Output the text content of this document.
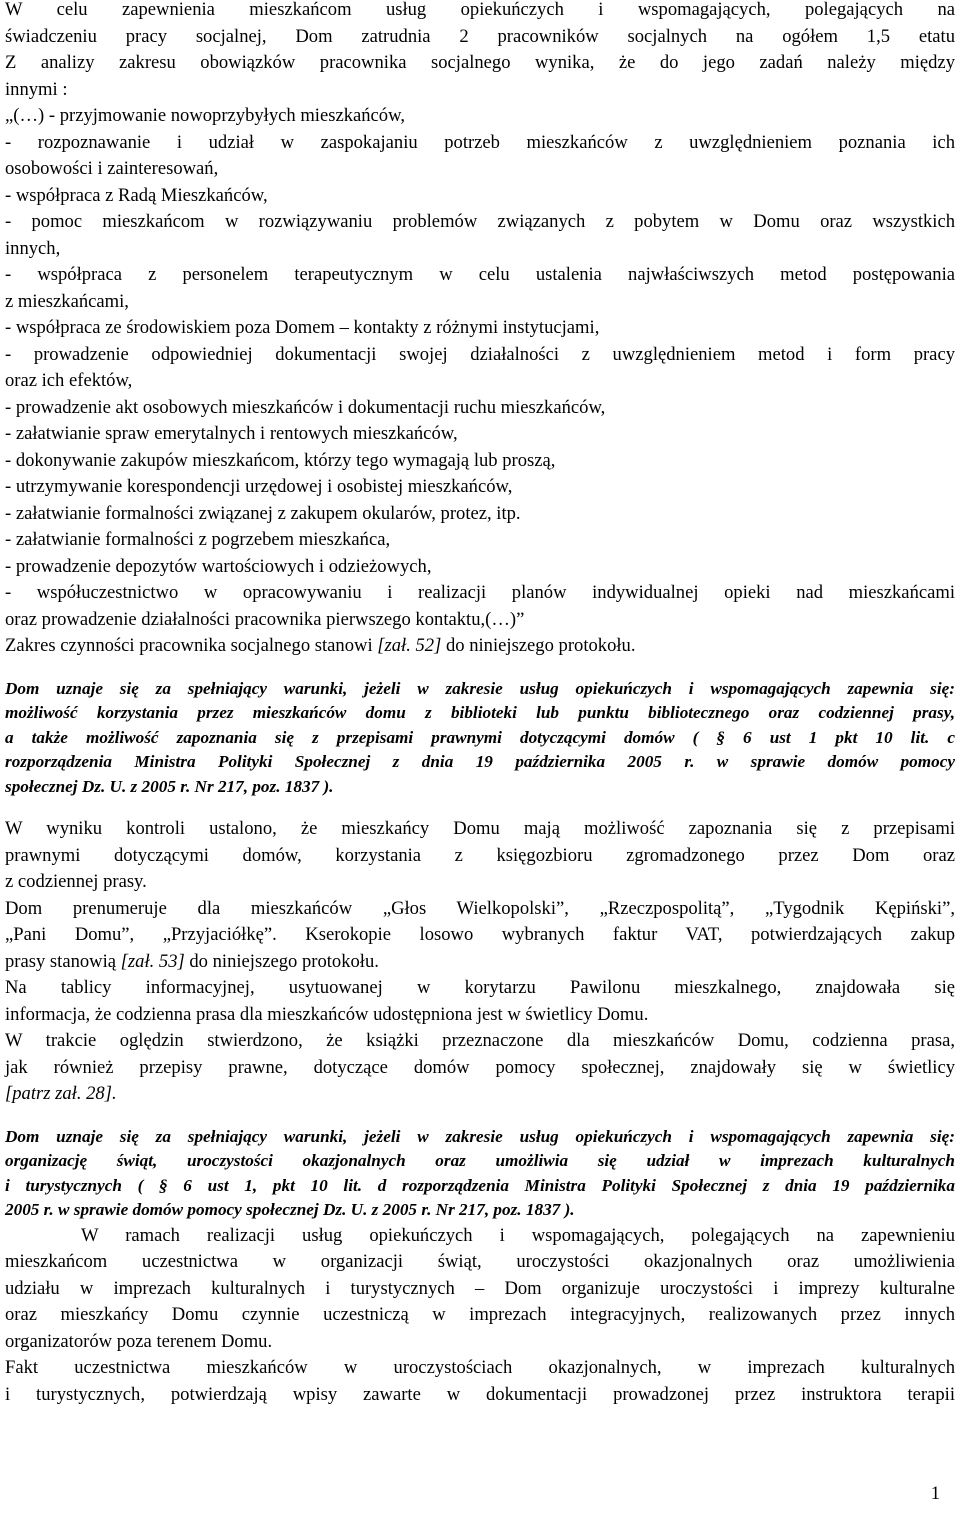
W celu zapewnienia mieszkańcom usług opiekuńczych i wspomagających, polegających na
świadczeniu pracy socjalnej, Dom zatrudnia 2 pracowników socjalnych na ogółem 1,5 etatu
Z analizy zakresu obowiązków pracownika socjalnego wynika, że do jego zadań należy między
innymi :
„(…) - przyjmowanie nowoprzybyłych mieszkańców,
- rozpoznawanie i udział w zaspokajaniu potrzeb mieszkańców z uwzględnieniem poznania ich
osobowości i zainteresowań,
- współpraca z Radą Mieszkańców,
- pomoc mieszkańcom w rozwiązywaniu problemów związanych z pobytem w Domu oraz wszystkich
innych,
- współpraca z personelem terapeutycznym w celu ustalenia najwłaściwszych metod postępowania
z mieszkańcami,
- współpraca ze środowiskiem poza Domem – kontakty z różnymi instytucjami,
- prowadzenie odpowiedniej dokumentacji swojej działalności z uwzględnieniem metod i form pracy
oraz ich efektów,
- prowadzenie akt osobowych mieszkańców i dokumentacji ruchu mieszkańców,
- załatwianie spraw emerytalnych i rentowych mieszkańców,
- dokonywanie zakupów mieszkańcom, którzy tego wymagają lub proszą,
- utrzymywanie korespondencji urzędowej i osobistej mieszkańców,
- załatwianie formalności związanej z zakupem okularów, protez, itp.
- załatwianie formalności z pogrzebem mieszkańca,
- prowadzenie depozytów wartościowych i odzieżowych,
- współuczestnictwo w opracowywaniu i realizacji planów indywidualnej opieki nad mieszkańcami
oraz prowadzenie działalności pracownika pierwszego kontaktu,(…)”
Zakres czynności pracownika socjalnego stanowi [zał. 52] do niniejszego protokołu.

Dom uznaje się za spełniający warunki, jeżeli w zakresie usług opiekuńczych i wspomagających zapewnia się:
możliwość korzystania przez mieszkańców domu z biblioteki lub punktu bibliotecznego oraz codziennej prasy,
a także możliwość zapoznania się z przepisami prawnymi dotyczącymi domów ( § 6 ust 1 pkt 10 lit. c
rozporządzenia Ministra Polityki Społecznej z dnia 19 października 2005 r. w sprawie domów pomocy
społecznej Dz. U. z 2005 r. Nr 217, poz. 1837 ).

W wyniku kontroli ustalono, że mieszkańcy Domu mają możliwość zapoznania się z przepisami
prawnymi dotyczącymi domów, korzystania z księgozbioru zgromadzonego przez Dom oraz
z codziennej prasy.
Dom prenumeruje dla mieszkańców „Głos Wielkopolski”, „Rzeczpospolitą”, „Tygodnik Kępiński”,
„Pani Domu”, „Przyjaciółkę”. Kserokopie losowo wybranych faktur VAT, potwierdzających zakup
prasy stanowią [zał. 53] do niniejszego protokołu.
Na tablicy informacyjnej, usytuowanej w korytarzu Pawilonu mieszkalnego, znajdowała się
informacja, że codzienna prasa dla mieszkańców udostępniona jest w świetlicy Domu.
W trakcie oględzin stwierdzono, że książki przeznaczone dla mieszkańców Domu, codzienna prasa,
jak również przepisy prawne, dotyczące domów pomocy społecznej, znajdowały się w świetlicy
[patrz zał. 28].

Dom uznaje się za spełniający warunki, jeżeli w zakresie usług opiekuńczych i wspomagających zapewnia się:
organizację świąt, uroczystości okazjonalnych oraz umożliwia się udział w imprezach kulturalnych
i turystycznych ( § 6 ust 1, pkt 10 lit. d rozporządzenia Ministra Polityki Społecznej z dnia 19 października
2005 r. w sprawie domów pomocy społecznej Dz. U. z 2005 r. Nr 217, poz. 1837 ).

W ramach realizacji usług opiekuńczych i wspomagających, polegających na zapewnieniu
mieszkańcom uczestnictwa w organizacji świąt, uroczystości okazjonalnych oraz umożliwienia
udziału w imprezach kulturalnych i turystycznych – Dom organizuje uroczystości i imprezy kulturalne
oraz mieszkańcy Domu czynnie uczestniczą w imprezach integracyjnych, realizowanych przez innych
organizatorów poza terenem Domu.
Fakt uczestnictwa mieszkańców w uroczystościach okazjonalnych, w imprezach kulturalnych
i turystycznych, potwierdzają wpisy zawarte w dokumentacji prowadzonej przez instruktora terapii

1
